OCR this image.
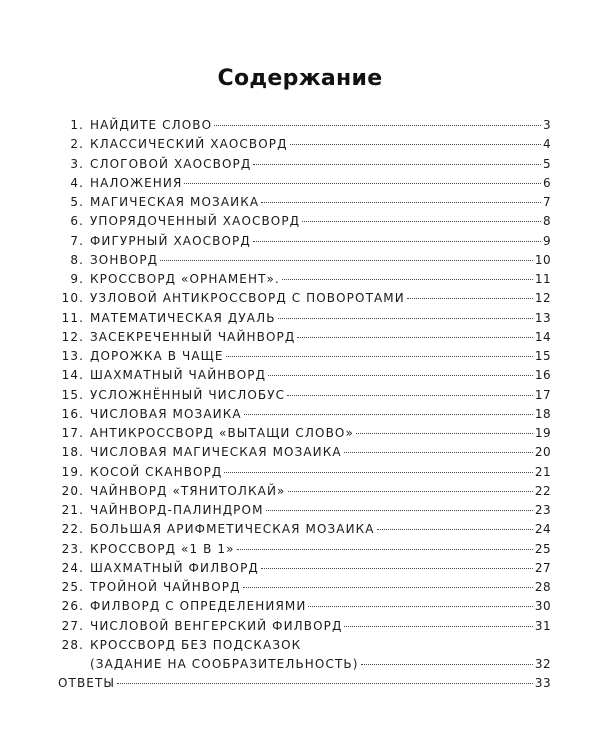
Содержание
1. НАЙДИТЕ СЛОВО	3
2. КЛАССИЧЕСКИЙ ХАОСВОРД	4
3. СЛОГОВОЙ ХАОСВОРД	5
4. НАЛОЖЕНИЯ	6
5. МАГИЧЕСКАЯ МОЗАИКА	7
6. УПОРЯДОЧЕННЫЙ ХАОСВОРД	8
7. ФИГУРНЫЙ ХАОСВОРД	9
8. ЗОНВОРД	10
9. КРОССВОРД «ОРНАМЕНТ».	11
10. УЗЛОВОЙ АНТИКРОССВОРД С ПОВОРОТАМИ	12
11. МАТЕМАТИЧЕСКАЯ ДУАЛЬ	13
12. ЗАСЕКРЕЧЕННЫЙ ЧАЙНВОРД	14
13. ДОРОЖКА В ЧАЩЕ	15
14. ШАХМАТНЫЙ ЧАЙНВОРД	16
15. УСЛОЖНЁННЫЙ ЧИСЛОБУС	17
16. ЧИСЛОВАЯ МОЗАИКА	18
17. АНТИКРОССВОРД «ВЫТАЩИ СЛОВО»	19
18. ЧИСЛОВАЯ МАГИЧЕСКАЯ МОЗАИКА	20
19. КОСОЙ СКАНВОРД	21
20. ЧАЙНВОРД «ТЯНИТОЛКАЙ»	22
21. ЧАЙНВОРД-ПАЛИНДРОМ	23
22. БОЛЬШАЯ АРИФМЕТИЧЕСКАЯ МОЗАИКА	24
23. КРОССВОРД «1 В 1»	25
24. ШАХМАТНЫЙ ФИЛВОРД	27
25. ТРОЙНОЙ ЧАЙНВОРД	28
26. ФИЛВОРД С ОПРЕДЕЛЕНИЯМИ	30
27. ЧИСЛОВОЙ ВЕНГЕРСКИЙ ФИЛВОРД	31
28. КРОССВОРД БЕЗ ПОДСКАЗОК
(ЗАДАНИЕ НА СООБРАЗИТЕЛЬНОСТЬ)	32
ОТВЕТЫ	33
